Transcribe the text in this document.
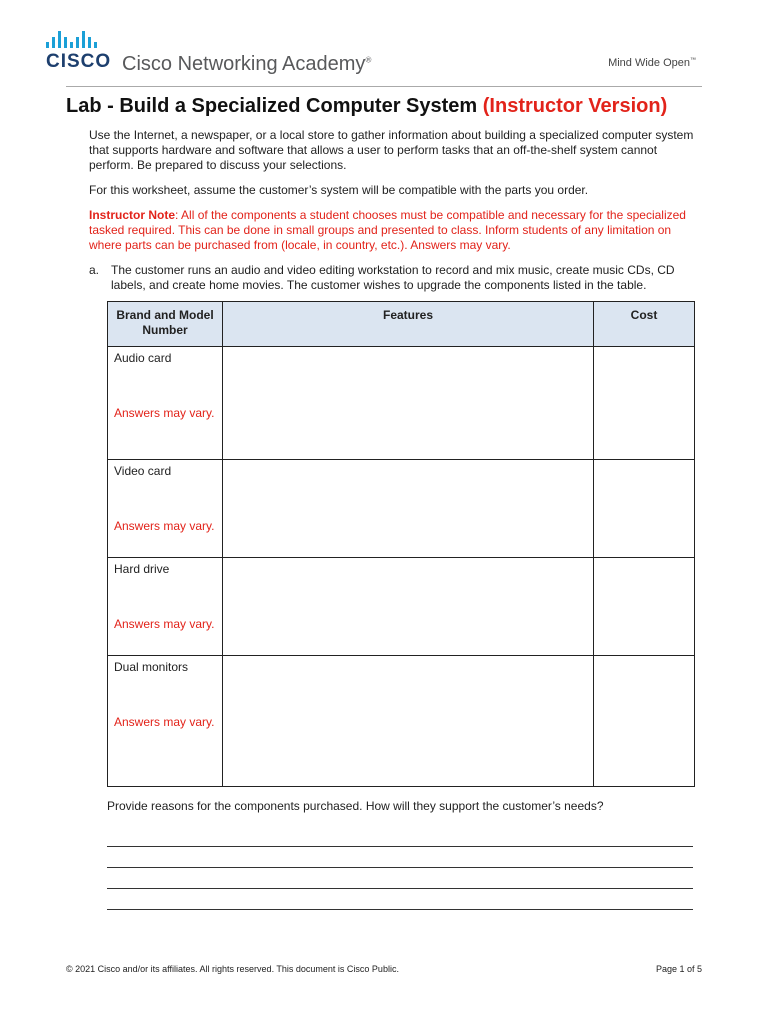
CISCO Cisco Networking Academy®	Mind Wide Open™
Lab - Build a Specialized Computer System (Instructor Version)

Use the Internet, a newspaper, or a local store to gather information about building a specialized computer system that supports hardware and software that allows a user to perform tasks that an off-the-shelf system cannot perform. Be prepared to discuss your selections.

For this worksheet, assume the customer’s system will be compatible with the parts you order.

Instructor Note: All of the components a student chooses must be compatible and necessary for the specialized tasked required. This can be done in small groups and presented to class. Inform students of any limitation on where parts can be purchased from (locale, in country, etc.). Answers may vary.

a. The customer runs an audio and video editing workstation to record and mix music, create music CDs, CD labels, and create home movies. The customer wishes to upgrade the components listed in the table.
Brand and Model Number	Features	Cost

Audio card
Answers may vary.		

Video card
Answers may vary.		

Hard drive
Answers may vary.		

Dual monitors
Answers may vary.		

Provide reasons for the components purchased. How will they support the customer’s needs?
© 2021 Cisco and/or its affiliates. All rights reserved. This document is Cisco Public.	Page 1 of 5
